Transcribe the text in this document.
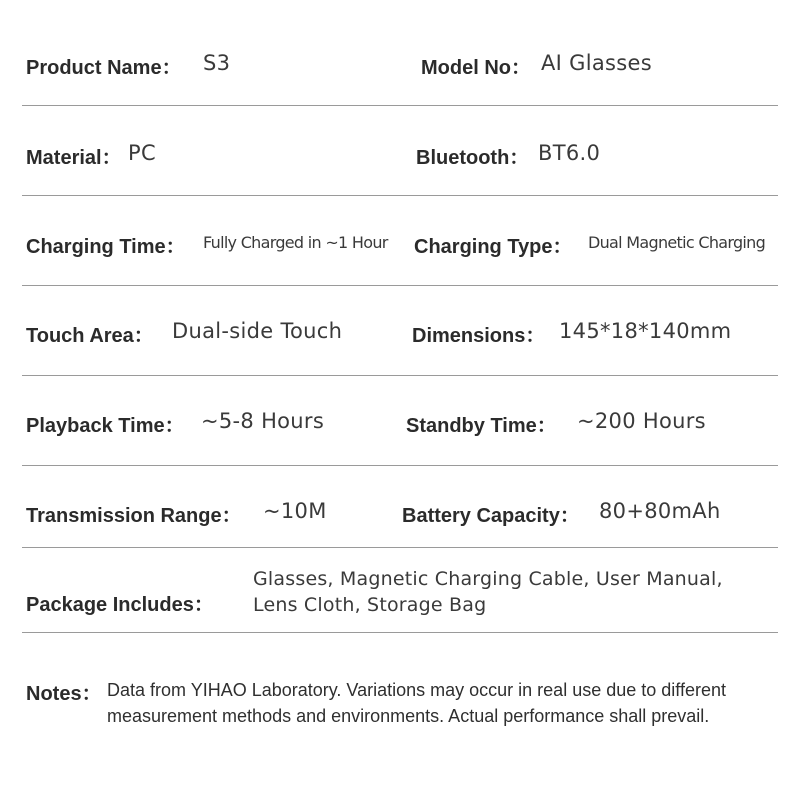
Product Name： S3	Model No： AI Glasses
Material： PC	Bluetooth： BT6.0
Charging Time： Fully Charged in ~1 Hour Charging Type： Dual Magnetic Charging
Touch Area： Dual-side Touch	Dimensions： 145*18*140mm
Playback Time： ~5-8 Hours	Standby Time： ~200 Hours
Transmission Range： ~10M	Battery Capacity： 80+80mAh
Package Includes：
Glasses, Magnetic Charging Cable, User Manual,
Lens Cloth, Storage Bag
Notes： Data from YIHAO Laboratory. Variations may occur in real use due to different measurement methods and environments. Actual performance shall prevail.
